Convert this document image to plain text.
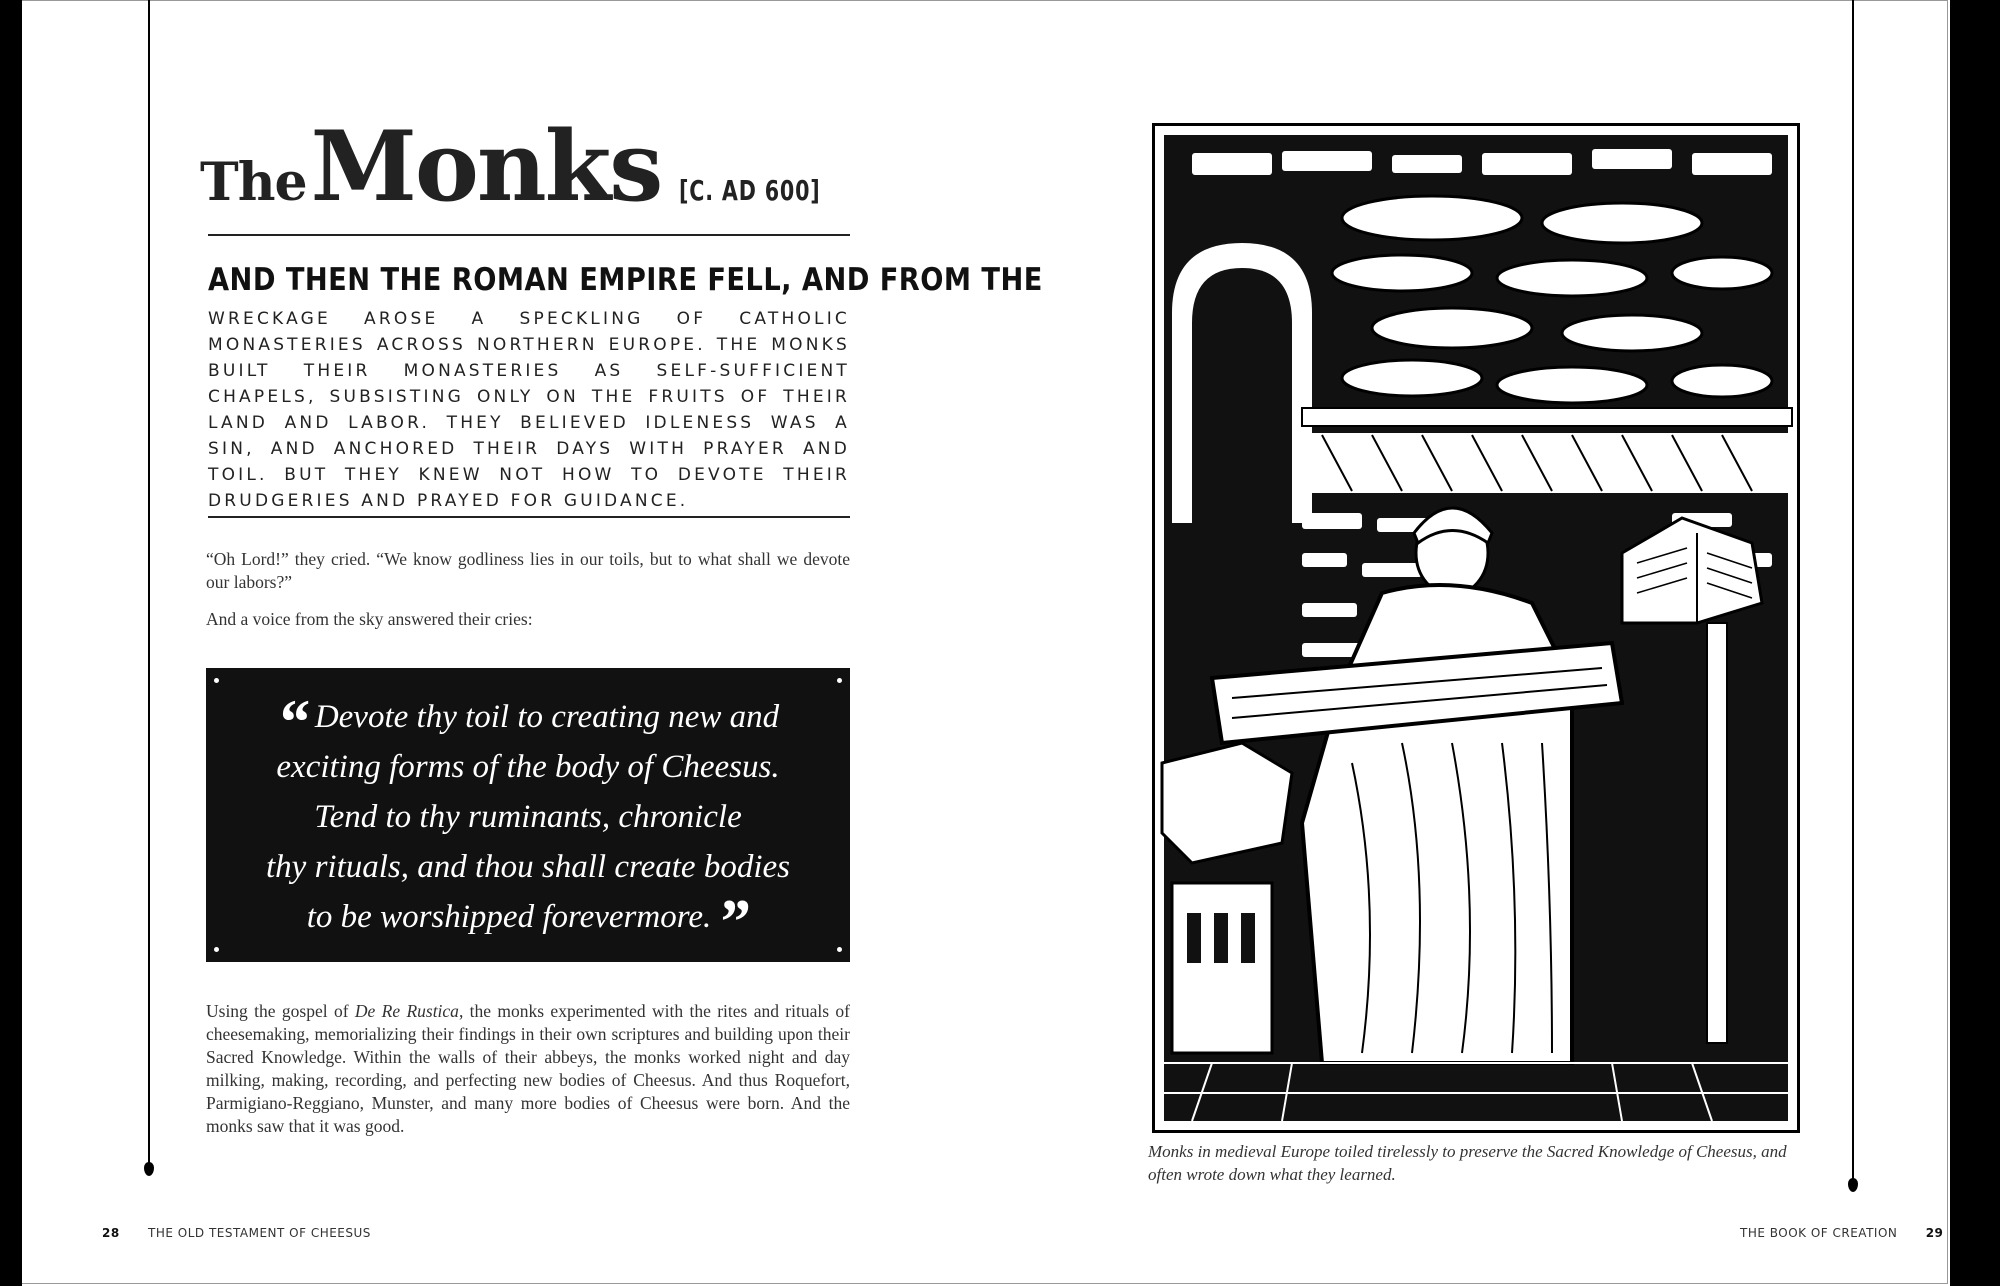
The Monks [C. AD 600]
AND THEN THE ROMAN EMPIRE FELL, AND FROM THE
WRECKAGE AROSE A SPECKLING OF CATHOLIC MONASTERIES ACROSS NORTHERN EUROPE. THE MONKS BUILT THEIR MONASTERIES AS SELF-SUFFICIENT CHAPELS, SUBSISTING ONLY ON THE FRUITS OF THEIR LAND AND LABOR. THEY BELIEVED IDLENESS WAS A SIN, AND ANCHORED THEIR DAYS WITH PRAYER AND TOIL. BUT THEY KNEW NOT HOW TO DEVOTE THEIR DRUDGERIES AND PRAYED FOR GUIDANCE.
“Oh Lord!” they cried. “We know godliness lies in our toils, but to what shall we devote our labors?”
And a voice from the sky answered their cries:
“ Devote thy toil to creating new and
exciting forms of the body of Cheesus.
Tend to thy ruminants, chronicle
thy rituals, and thou shall create bodies
to be worshipped forevermore.”
Using the gospel of De Re Rustica, the monks experimented with the rites and rituals of cheesemaking, memorializing their findings in their own scriptures and building upon their Sacred Knowledge. Within the walls of their abbeys, the monks worked night and day milking, making, recording, and perfecting new bodies of Cheesus. And thus Roquefort, Parmigiano-Reggiano, Munster, and many more bodies of Cheesus were born. And the monks saw that it was good.
28 THE OLD TESTAMENT OF CHEESUS
Monks in medieval Europe toiled tirelessly to preserve the Sacred Knowledge of Cheesus, and often wrote down what they learned.
THE BOOK OF CREATION 29
